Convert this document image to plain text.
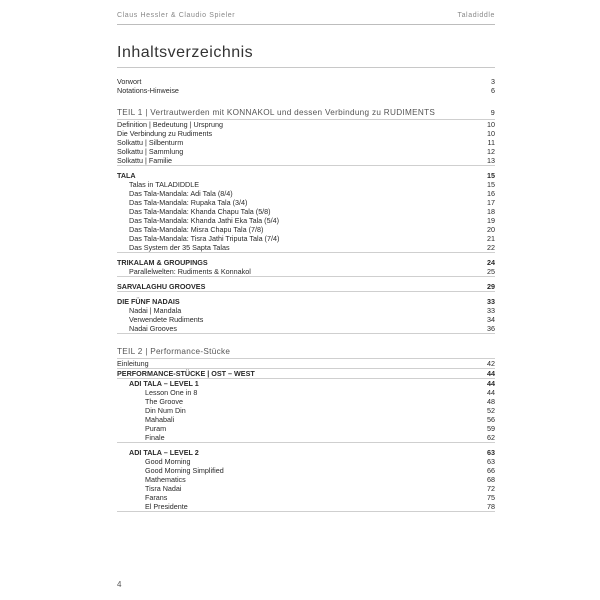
Claus Hessler & Claudio Spieler	Taladiddle
Inhaltsverzeichnis
Vorwort	3
Notations-Hinweise	6
TEIL 1 | Vertrautwerden mit KONNAKOL und dessen Verbindung zu RUDIMENTS	9
Definition | Bedeutung | Ursprung	10
Die Verbindung zu Rudiments	10
Solkattu | Silbenturm	11
Solkattu | Sammlung	12
Solkattu | Familie	13
TALA	15
Talas in TALADIDDLE	15
Das Tala-Mandala: Adi Tala (8/4)	16
Das Tala-Mandala: Rupaka Tala (3/4)	17
Das Tala-Mandala: Khanda Chapu Tala (5/8)	18
Das Tala-Mandala: Khanda Jathi Eka Tala (5/4)	19
Das Tala-Mandala: Misra Chapu Tala (7/8)	20
Das Tala-Mandala: Tisra Jathi Triputa Tala (7/4)	21
Das System der 35 Sapta Talas	22
TRIKALAM & GROUPINGS	24
Parallelwelten: Rudiments & Konnakol	25
SARVALAGHU GROOVES	29
DIE FÜNF NADAIS	33
Nadai | Mandala	33
Verwendete Rudiments	34
Nadai Grooves	36
TEIL 2 | Performance-Stücke
Einleitung	42
PERFORMANCE-STÜCKE | OST – WEST	44
ADI TALA – LEVEL 1	44
Lesson One in 8	44
The Groove	48
Din Num Din	52
Mahabali	56
Puram	59
Finale	62
ADI TALA – LEVEL 2	63
Good Morning	63
Good Morning Simplified	66
Mathematics	68
Tisra Nadai	72
Farans	75
El Presidente	78
4
